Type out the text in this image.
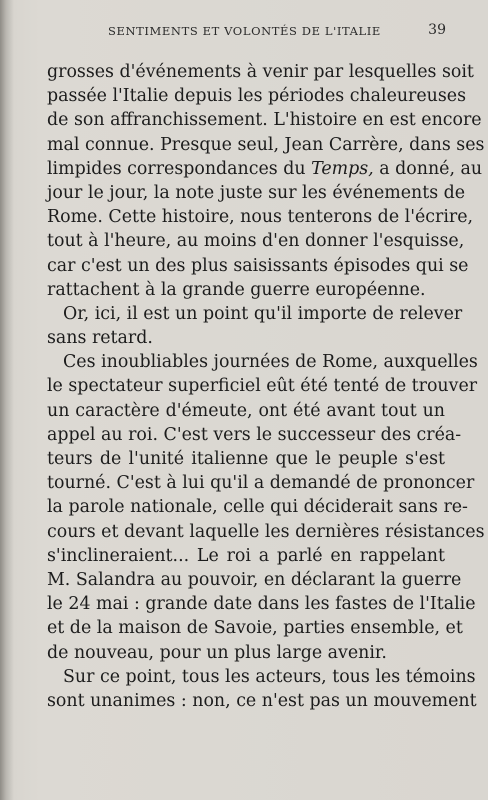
SENTIMENTS ET VOLONTÉS DE L'ITALIE	39
grosses d'événements à venir par lesquelles soit
passée l'Italie depuis les périodes chaleureuses
de son affranchissement. L'histoire en est encore
mal connue. Presque seul, Jean Carrère, dans ses
limpides correspondances du Temps, a donné, au
jour le jour, la note juste sur les événements de
Rome. Cette histoire, nous tenterons de l'écrire,
tout à l'heure, au moins d'en donner l'esquisse,
car c'est un des plus saisissants épisodes qui se
rattachent à la grande guerre européenne.
Or, ici, il est un point qu'il importe de relever
sans retard.
Ces inoubliables journées de Rome, auxquelles
le spectateur superficiel eût été tenté de trouver
un caractère d'émeute, ont été avant tout un
appel au roi. C'est vers le successeur des créa-
teurs de l'unité italienne que le peuple s'est
tourné. C'est à lui qu'il a demandé de prononcer
la parole nationale, celle qui déciderait sans re-
cours et devant laquelle les dernières résistances
s'inclineraient... Le roi a parlé en rappelant
M. Salandra au pouvoir, en déclarant la guerre
le 24 mai : grande date dans les fastes de l'Italie
et de la maison de Savoie, parties ensemble, et
de nouveau, pour un plus large avenir.
Sur ce point, tous les acteurs, tous les témoins
sont unanimes : non, ce n'est pas un mouvement
